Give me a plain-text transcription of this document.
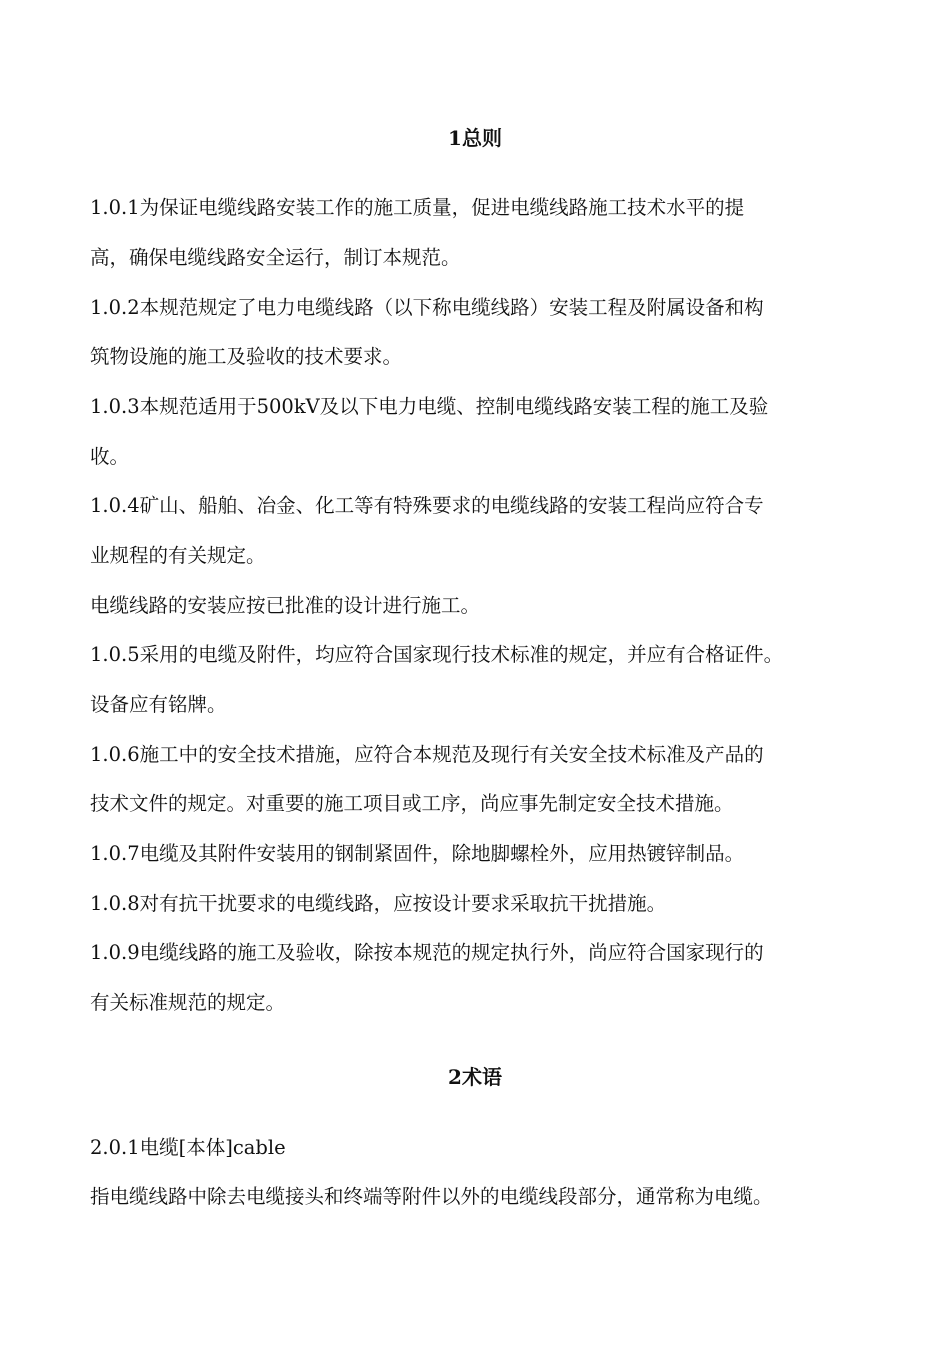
1总则

1.0.1为保证电缆线路安装工作的施工质量，促进电缆线路施工技术水平的提

高，确保电缆线路安全运行，制订本规范。

1.0.2本规范规定了电力电缆线路（以下称电缆线路）安装工程及附属设备和构

筑物设施的施工及验收的技术要求。

1.0.3本规范适用于500kV及以下电力电缆、控制电缆线路安装工程的施工及验

收。

1.0.4矿山、船舶、冶金、化工等有特殊要求的电缆线路的安装工程尚应符合专

业规程的有关规定。

电缆线路的安装应按已批准的设计进行施工。

1.0.5采用的电缆及附件，均应符合国家现行技术标准的规定，并应有合格证件。

设备应有铭牌。

1.0.6施工中的安全技术措施，应符合本规范及现行有关安全技术标准及产品的

技术文件的规定。对重要的施工项目或工序，尚应事先制定安全技术措施。

1.0.7电缆及其附件安装用的钢制紧固件，除地脚螺栓外，应用热镀锌制品。

1.0.8对有抗干扰要求的电缆线路，应按设计要求采取抗干扰措施。

1.0.9电缆线路的施工及验收，除按本规范的规定执行外，尚应符合国家现行的

有关标准规范的规定。

2术语

2.0.1电缆[本体]cable

指电缆线路中除去电缆接头和终端等附件以外的电缆线段部分，通常称为电缆。
